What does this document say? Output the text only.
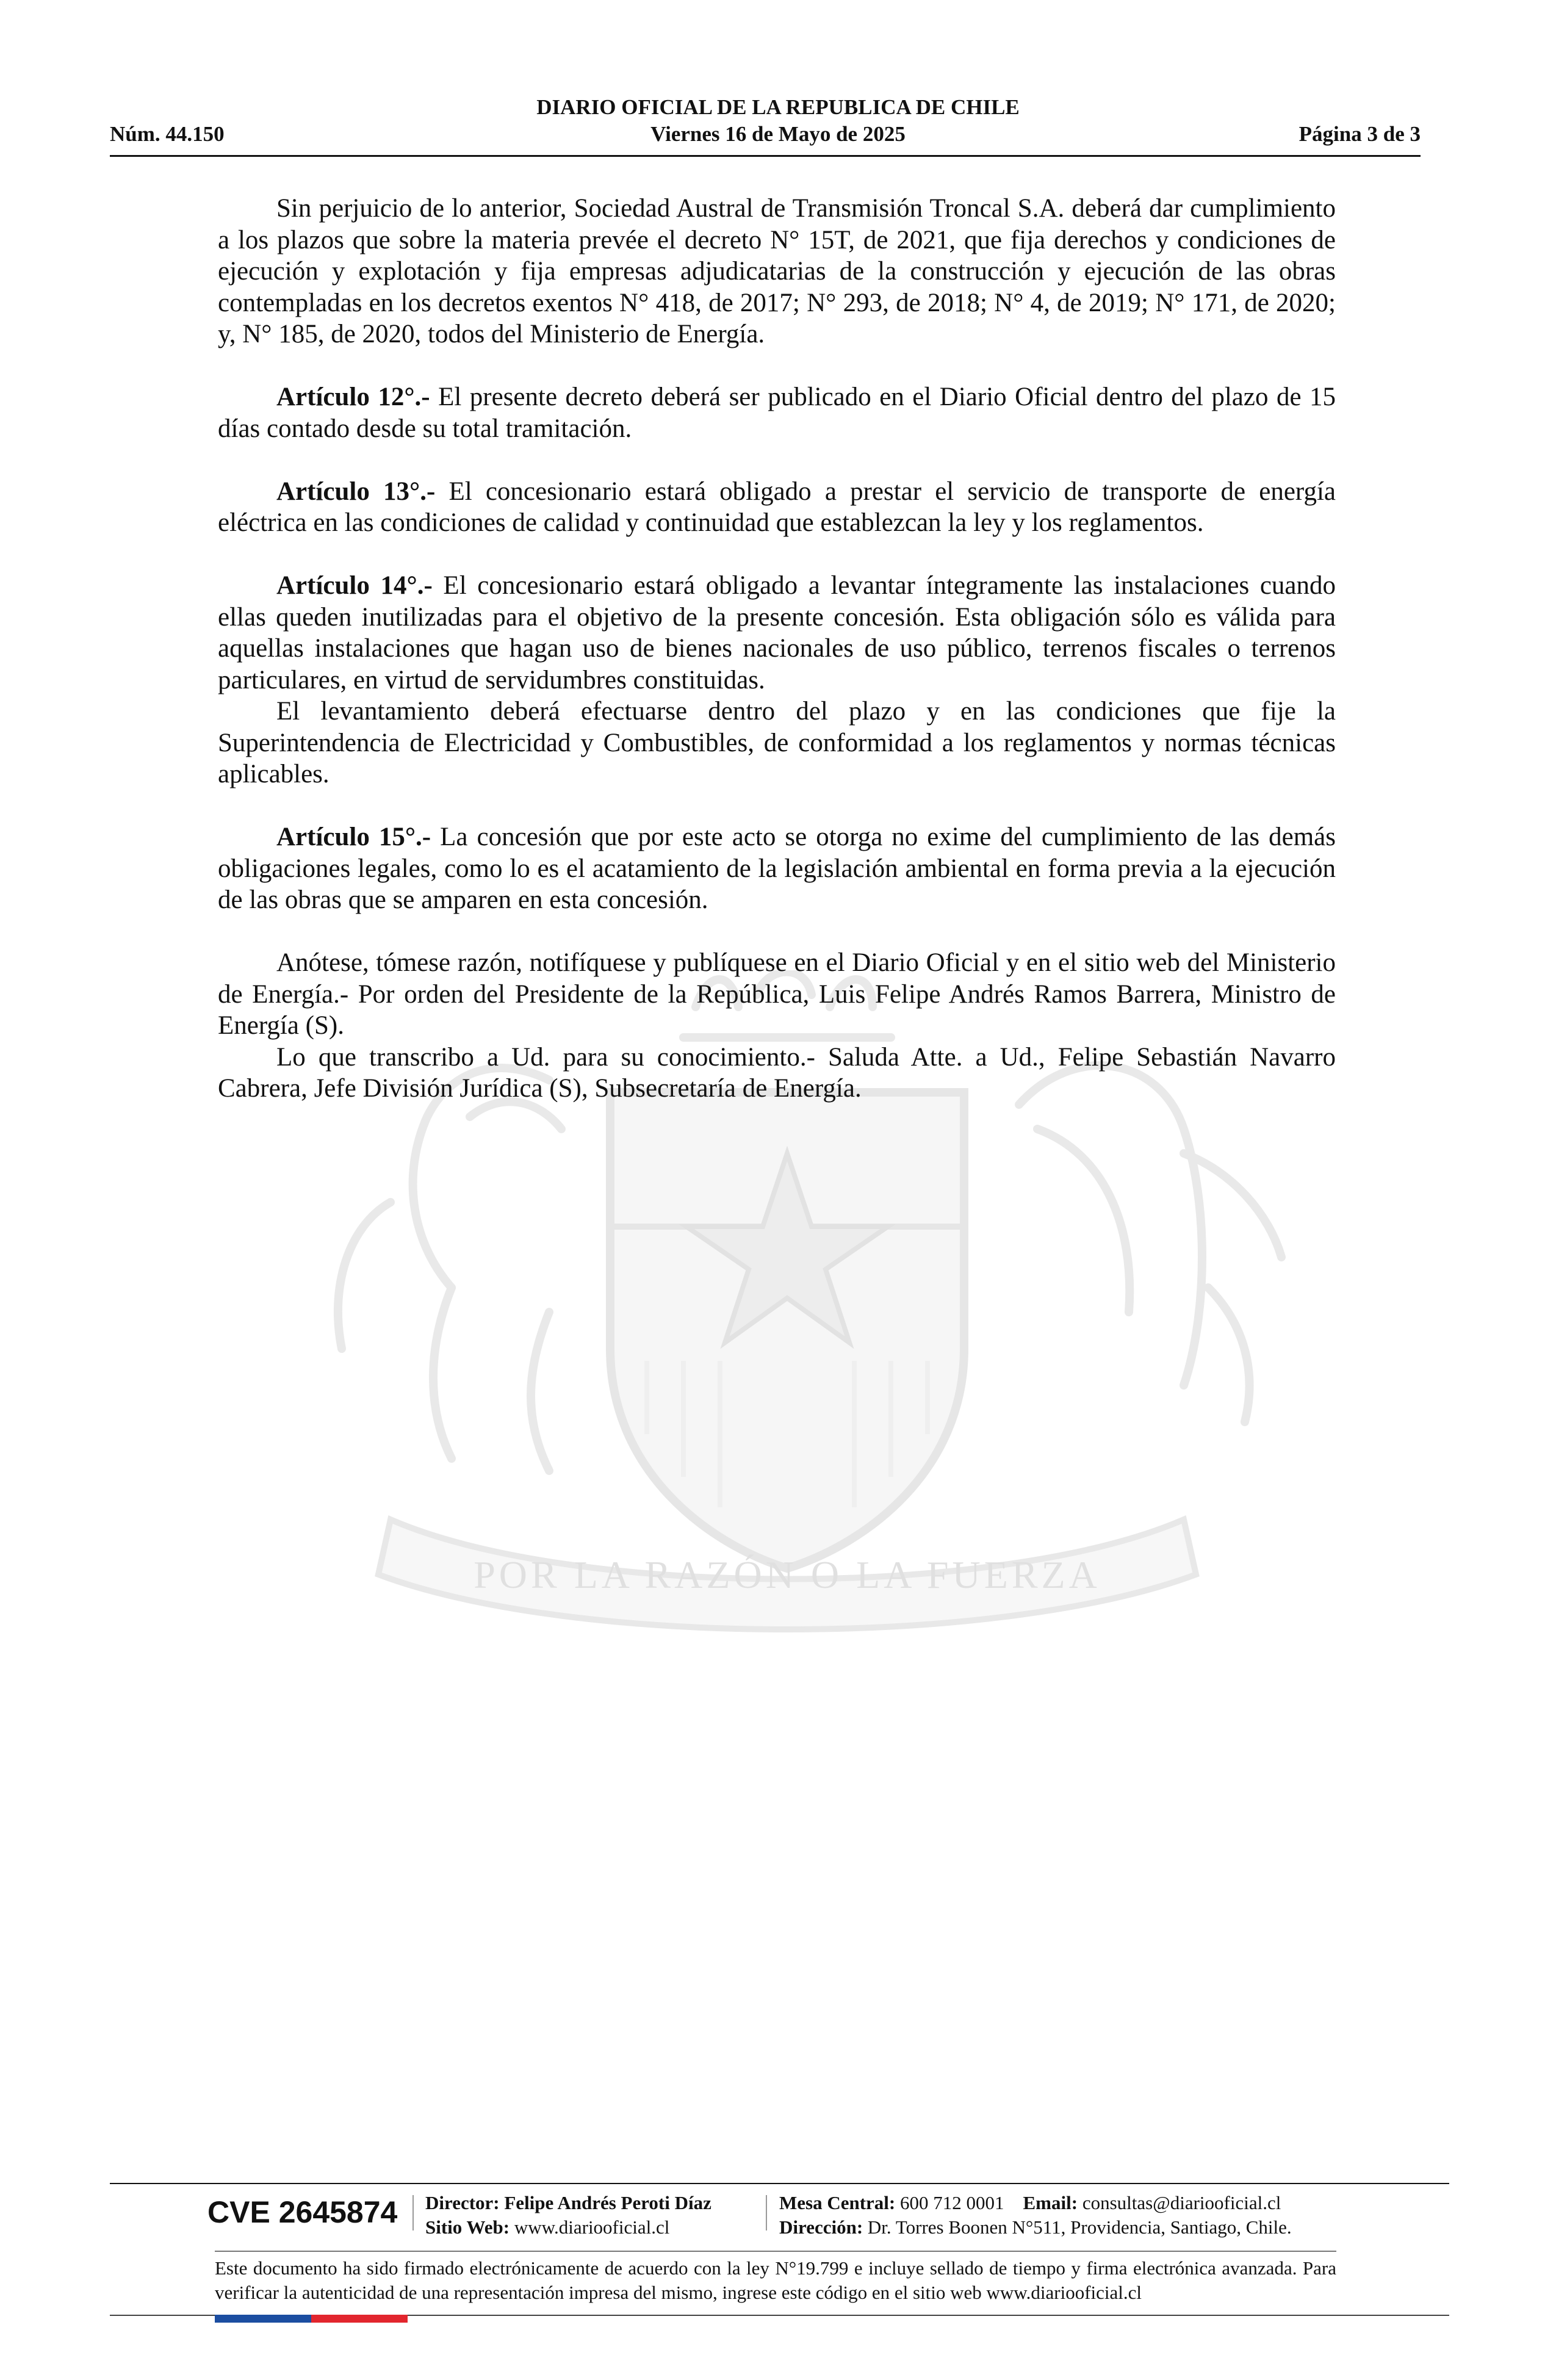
DIARIO OFICIAL DE LA REPUBLICA DE CHILE
Núm. 44.150	Viernes 16 de Mayo de 2025	Página 3 de 3
POR LA RAZÓN O LA FUERZA

Sin perjuicio de lo anterior, Sociedad Austral de Transmisión Troncal S.A. deberá dar cumplimiento a los plazos que sobre la materia prevée el decreto N° 15T, de 2021, que fija derechos y condiciones de ejecución y explotación y fija empresas adjudicatarias de la construcción y ejecución de las obras contempladas en los decretos exentos N° 418, de 2017; N° 293, de 2018; N° 4, de 2019; N° 171, de 2020; y, N° 185, de 2020, todos del Ministerio de Energía.

Artículo 12°.- El presente decreto deberá ser publicado en el Diario Oficial dentro del plazo de 15 días contado desde su total tramitación.

Artículo 13°.- El concesionario estará obligado a prestar el servicio de transporte de energía eléctrica en las condiciones de calidad y continuidad que establezcan la ley y los reglamentos.

Artículo 14°.- El concesionario estará obligado a levantar íntegramente las instalaciones cuando ellas queden inutilizadas para el objetivo de la presente concesión. Esta obligación sólo es válida para aquellas instalaciones que hagan uso de bienes nacionales de uso público, terrenos fiscales o terrenos particulares, en virtud de servidumbres constituidas.

El levantamiento deberá efectuarse dentro del plazo y en las condiciones que fije la Superintendencia de Electricidad y Combustibles, de conformidad a los reglamentos y normas técnicas aplicables.

Artículo 15°.- La concesión que por este acto se otorga no exime del cumplimiento de las demás obligaciones legales, como lo es el acatamiento de la legislación ambiental en forma previa a la ejecución de las obras que se amparen en esta concesión.

Anótese, tómese razón, notifíquese y publíquese en el Diario Oficial y en el sitio web del Ministerio de Energía.- Por orden del Presidente de la República, Luis Felipe Andrés Ramos Barrera, Ministro de Energía (S).

Lo que transcribo a Ud. para su conocimiento.- Saluda Atte. a Ud., Felipe Sebastián Navarro Cabrera, Jefe División Jurídica (S), Subsecretaría de Energía.

CVE 2645874 Director: Felipe Andrés Peroti Díaz
Sitio Web: www.diariooficial.cl
Mesa Central: 600 712 0001 Email: consultas@diariooficial.cl
Dirección: Dr. Torres Boonen N°511, Providencia, Santiago, Chile.
Este documento ha sido firmado electrónicamente de acuerdo con la ley N°19.799 e incluye sellado de tiempo y firma electrónica avanzada. Para verificar la autenticidad de una representación impresa del mismo, ingrese este código en el sitio web www.diariooficial.cl
